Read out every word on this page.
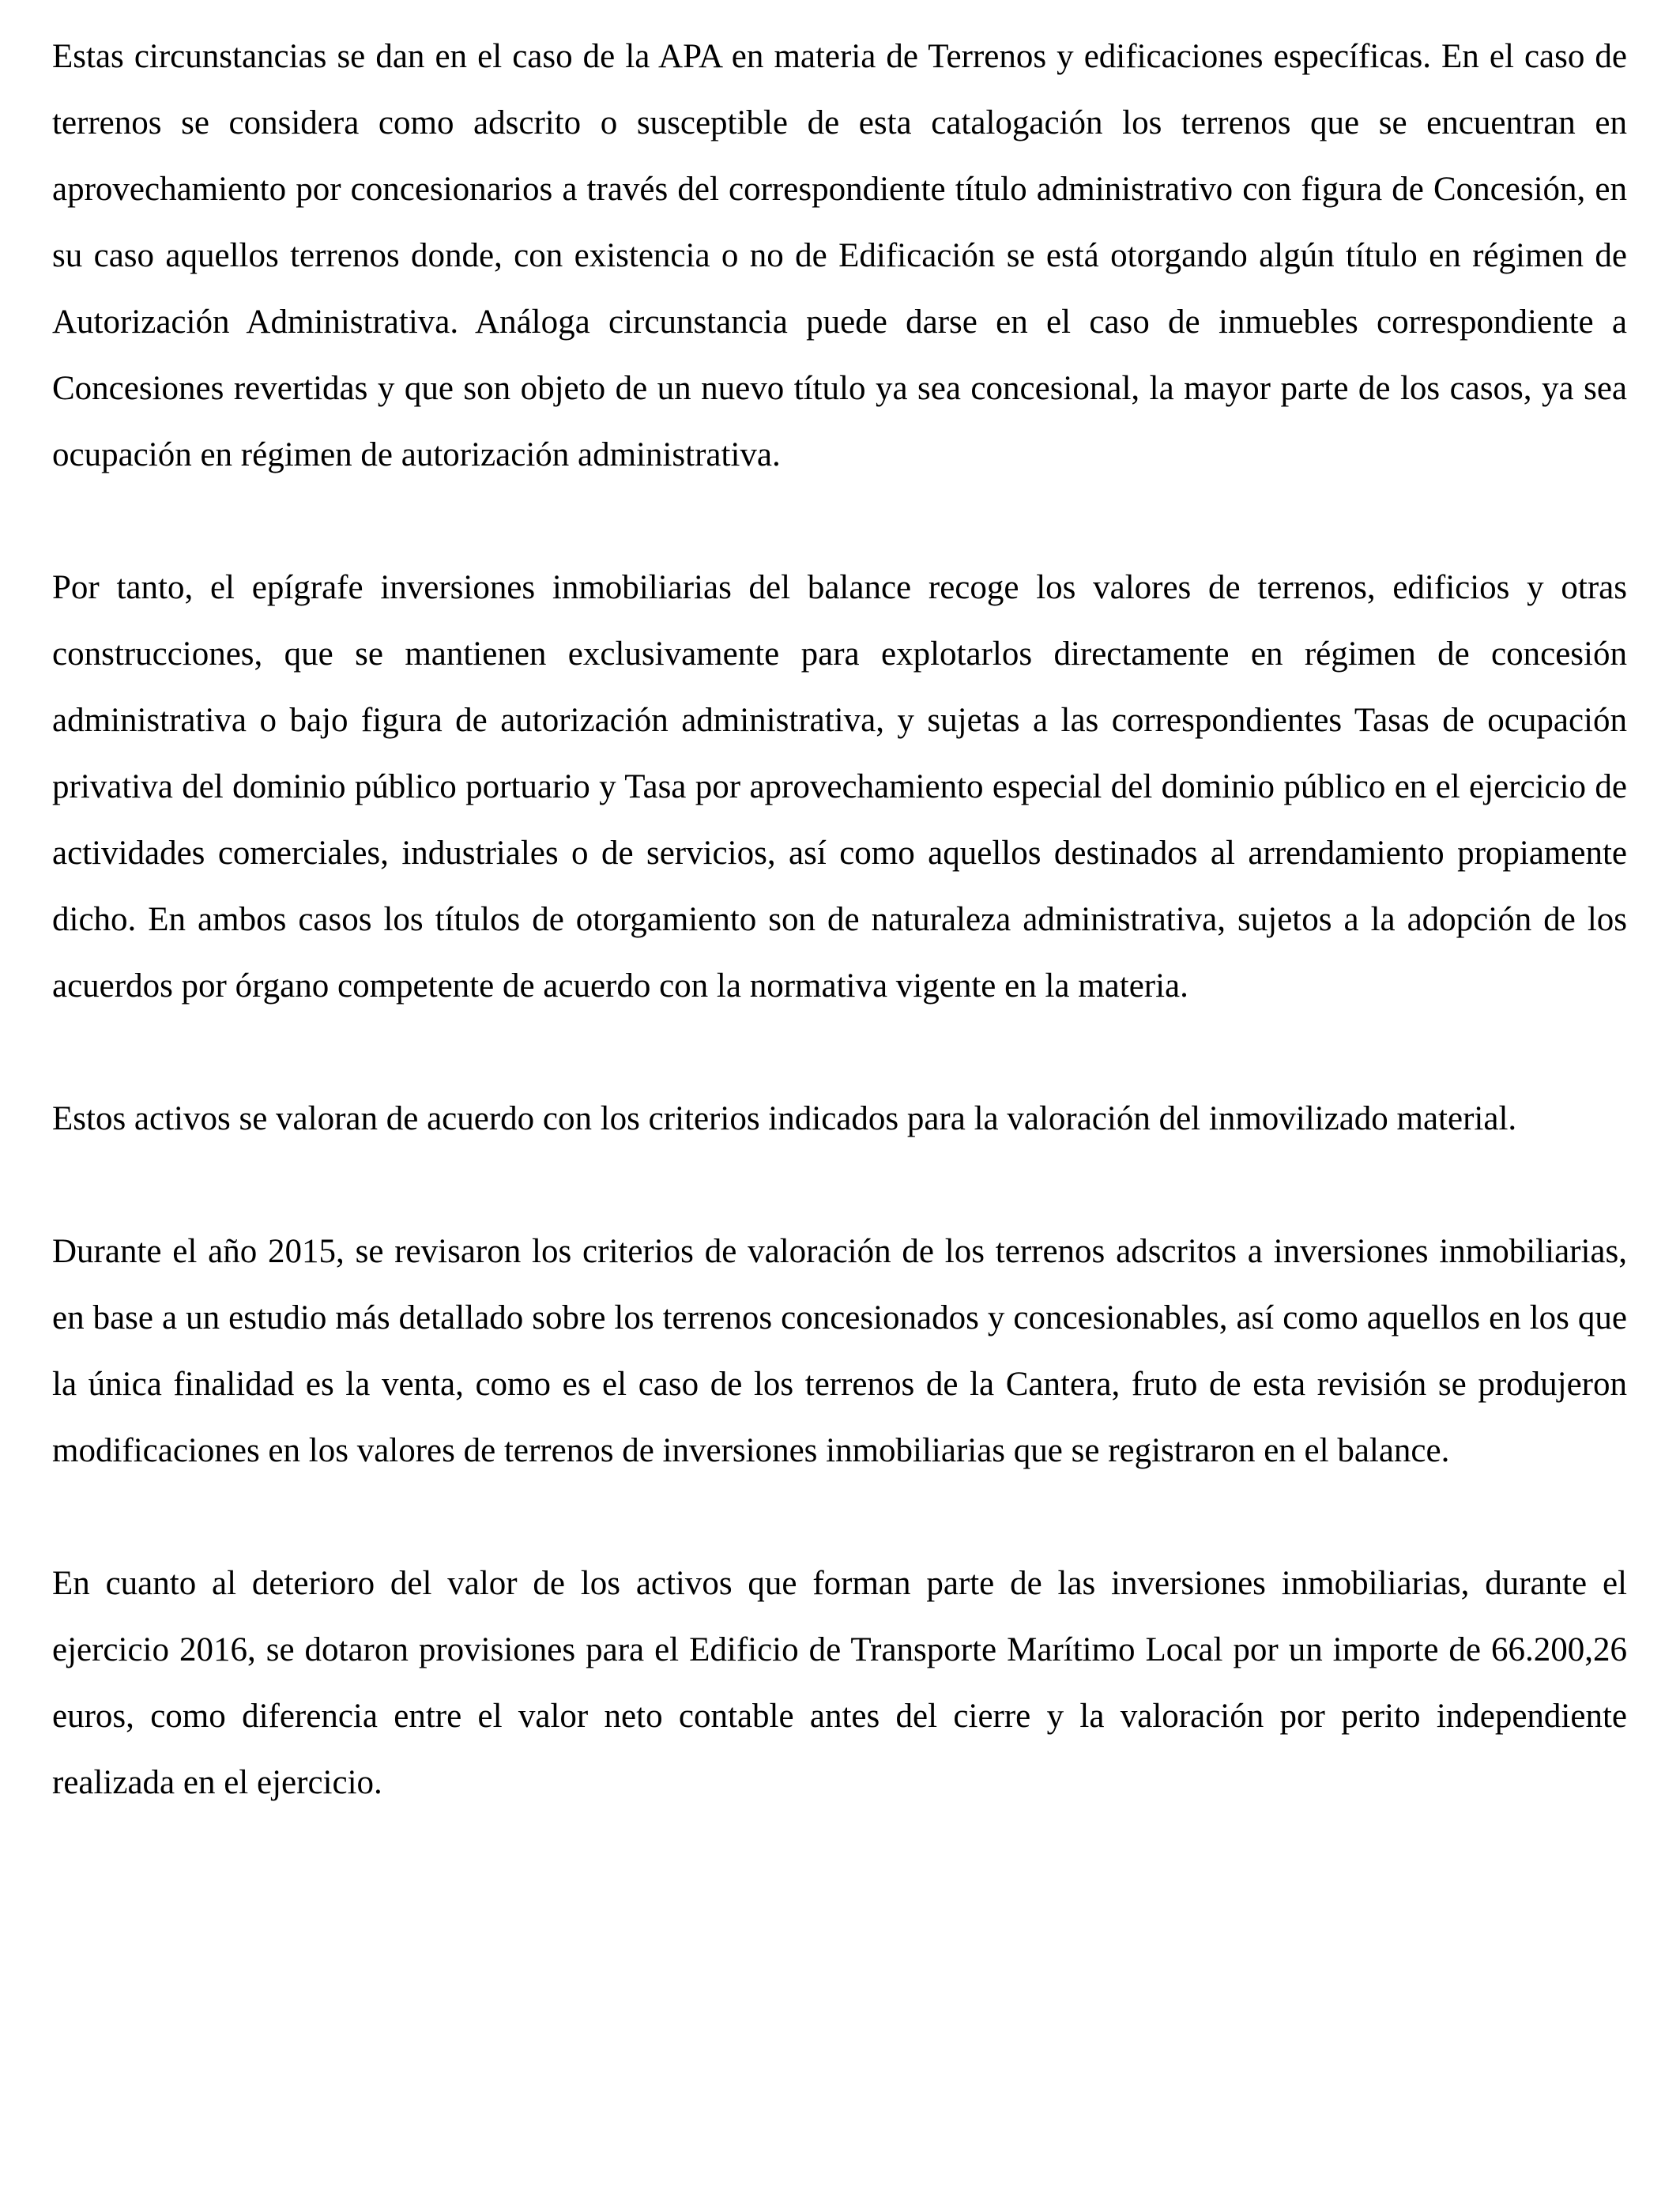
Estas circunstancias se dan en el caso de la APA en materia de Terrenos y edificaciones específicas. En el caso de terrenos se considera como adscrito o susceptible de esta catalogación los terrenos que se encuentran en aprovechamiento por concesionarios a través del correspondiente título administrativo con figura de Concesión, en su caso aquellos terrenos donde, con existencia o no de Edificación se está otorgando algún título en régimen de Autorización Administrativa. Análoga circunstancia puede darse en el caso de inmuebles correspondiente a Concesiones revertidas y que son objeto de un nuevo título ya sea concesional, la mayor parte de los casos, ya sea ocupación en régimen de autorización administrativa.

Por tanto, el epígrafe inversiones inmobiliarias del balance recoge los valores de terrenos, edificios y otras construcciones, que se mantienen exclusivamente para explotarlos directamente en régimen de concesión administrativa o bajo figura de autorización administrativa, y sujetas a las correspondientes Tasas de ocupación privativa del dominio público portuario y Tasa por aprovechamiento especial del dominio público en el ejercicio de actividades comerciales, industriales o de servicios, así como aquellos destinados al arrendamiento propiamente dicho. En ambos casos los títulos de otorgamiento son de naturaleza administrativa, sujetos a la adopción de los acuerdos por órgano competente de acuerdo con la normativa vigente en la materia.

Estos activos se valoran de acuerdo con los criterios indicados para la valoración del inmovilizado material.

Durante el año 2015, se revisaron los criterios de valoración de los terrenos adscritos a inversiones inmobiliarias, en base a un estudio más detallado sobre los terrenos concesionados y concesionables, así como aquellos en los que la única finalidad es la venta, como es el caso de los terrenos de la Cantera, fruto de esta revisión se produjeron modificaciones en los valores de terrenos de inversiones inmobiliarias que se registraron en el balance.

En cuanto al deterioro del valor de los activos que forman parte de las inversiones inmobiliarias, durante el ejercicio 2016, se dotaron provisiones para el Edificio de Transporte Marítimo Local por un importe de 66.200,26 euros, como diferencia entre el valor neto contable antes del cierre y la valoración por perito independiente realizada en el ejercicio.
